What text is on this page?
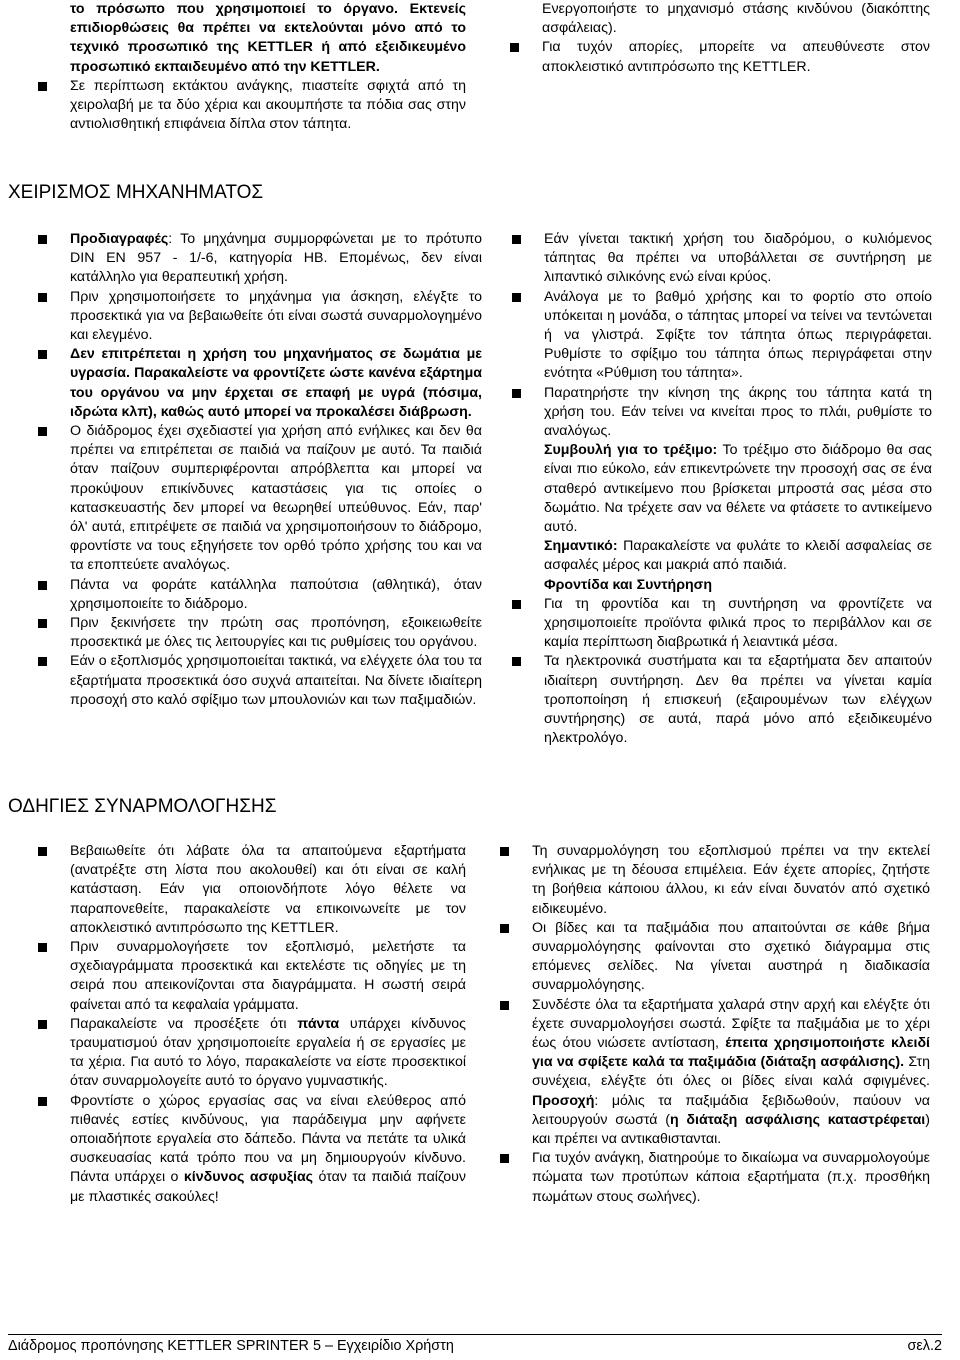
το πρόσωπο που χρησιμοποιεί το όργανο. Εκτενείς επιδιορθώσεις θα πρέπει να εκτελούνται μόνο από το τεχνικό προσωπικό της KETTLER ή από εξειδικευμένο προσωπικό εκπαιδευμένο από την KETTLER.

Σε περίπτωση εκτάκτου ανάγκης, πιαστείτε σφιχτά από τη χειρολαβή με τα δύο χέρια και ακουμπήστε τα πόδια σας στην αντιολισθητική επιφάνεια δίπλα στον τάπητα.

Ενεργοποιήστε το μηχανισμό στάσης κινδύνου (διακόπτης ασφάλειας).

Για τυχόν απορίες, μπορείτε να απευθύνεστε στον αποκλειστικό αντιπρόσωπο της KETTLER.

ΧΕΙΡΙΣΜΟΣ ΜΗΧΑΝΗΜΑΤΟΣ

Προδιαγραφές: Το μηχάνημα συμμορφώνεται με το πρότυπο DIN EN 957 - 1/-6, κατηγορία HB. Επομένως, δεν είναι κατάλληλο για θεραπευτική χρήση.

Πριν χρησιμοποιήσετε το μηχάνημα για άσκηση, ελέγξτε το προσεκτικά για να βεβαιωθείτε ότι είναι σωστά συναρμολογημένο και ελεγμένο.

Δεν επιτρέπεται η χρήση του μηχανήματος σε δωμάτια με υγρασία. Παρακαλείστε να φροντίζετε ώστε κανένα εξάρτημα του οργάνου να μην έρχεται σε επαφή με υγρά (πόσιμα, ιδρώτα κλπ), καθώς αυτό μπορεί να προκαλέσει διάβρωση.

Ο διάδρομος έχει σχεδιαστεί για χρήση από ενήλικες και δεν θα πρέπει να επιτρέπεται σε παιδιά να παίζουν με αυτό. Τα παιδιά όταν παίζουν συμπεριφέρονται απρόβλεπτα και μπορεί να προκύψουν επικίνδυνες καταστάσεις για τις οποίες ο κατασκευαστής δεν μπορεί να θεωρηθεί υπεύθυνος. Εάν, παρ' όλ' αυτά, επιτρέψετε σε παιδιά να χρησιμοποιήσουν το διάδρομο, φροντίστε να τους εξηγήσετε τον ορθό τρόπο χρήσης του και να τα εποπτεύετε αναλόγως.

Πάντα να φοράτε κατάλληλα παπούτσια (αθλητικά), όταν χρησιμοποιείτε το διάδρομο.

Πριν ξεκινήσετε την πρώτη σας προπόνηση, εξοικειωθείτε προσεκτικά με όλες τις λειτουργίες και τις ρυθμίσεις του οργάνου.

Εάν ο εξοπλισμός χρησιμοποιείται τακτικά, να ελέγχετε όλα του τα εξαρτήματα προσεκτικά όσο συχνά απαιτείται. Να δίνετε ιδιαίτερη προσοχή στο καλό σφίξιμο των μπουλονιών και των παξιμαδιών.

Εάν γίνεται τακτική χρήση του διαδρόμου, ο κυλιόμενος τάπητας θα πρέπει να υποβάλλεται σε συντήρηση με λιπαντικό σιλικόνης ενώ είναι κρύος.

Ανάλογα με το βαθμό χρήσης και το φορτίο στο οποίο υπόκειται η μονάδα, ο τάπητας μπορεί να τείνει να τεντώνεται ή να γλιστρά. Σφίξτε τον τάπητα όπως περιγράφεται. Ρυθμίστε το σφίξιμο του τάπητα όπως περιγράφεται στην ενότητα «Ρύθμιση του τάπητα».

Παρατηρήστε την κίνηση της άκρης του τάπητα κατά τη χρήση του. Εάν τείνει να κινείται προς το πλάι, ρυθμίστε το αναλόγως.

Συμβουλή για το τρέξιμο: Το τρέξιμο στο διάδρομο θα σας είναι πιο εύκολο, εάν επικεντρώνετε την προσοχή σας σε ένα σταθερό αντικείμενο που βρίσκεται μπροστά σας μέσα στο δωμάτιο. Να τρέχετε σαν να θέλετε να φτάσετε το αντικείμενο αυτό.

Σημαντικό: Παρακαλείστε να φυλάτε το κλειδί ασφαλείας σε ασφαλές μέρος και μακριά από παιδιά.

Φροντίδα και Συντήρηση

Για τη φροντίδα και τη συντήρηση να φροντίζετε να χρησιμοποιείτε προϊόντα φιλικά προς το περιβάλλον και σε καμία περίπτωση διαβρωτικά ή λειαντικά μέσα.

Τα ηλεκτρονικά συστήματα και τα εξαρτήματα δεν απαιτούν ιδιαίτερη συντήρηση. Δεν θα πρέπει να γίνεται καμία τροποποίηση ή επισκευή (εξαιρουμένων των ελέγχων συντήρησης) σε αυτά, παρά μόνο από εξειδικευμένο ηλεκτρολόγο.

ΟΔΗΓΙΕΣ ΣΥΝΑΡΜΟΛΟΓΗΣΗΣ

Βεβαιωθείτε ότι λάβατε όλα τα απαιτούμενα εξαρτήματα (ανατρέξτε στη λίστα που ακολουθεί) και ότι είναι σε καλή κατάσταση. Εάν για οποιονδήποτε λόγο θέλετε να παραπονεθείτε, παρακαλείστε να επικοινωνείτε με τον αποκλειστικό αντιπρόσωπο της KETTLER.

Πριν συναρμολογήσετε τον εξοπλισμό, μελετήστε τα σχεδιαγράμματα προσεκτικά και εκτελέστε τις οδηγίες με τη σειρά που απεικονίζονται στα διαγράμματα. Η σωστή σειρά φαίνεται από τα κεφαλαία γράμματα.

Παρακαλείστε να προσέξετε ότι πάντα υπάρχει κίνδυνος τραυματισμού όταν χρησιμοποιείτε εργαλεία ή σε εργασίες με τα χέρια. Για αυτό το λόγο, παρακαλείστε να είστε προσεκτικοί όταν συναρμολογείτε αυτό το όργανο γυμναστικής.

Φροντίστε ο χώρος εργασίας σας να είναι ελεύθερος από πιθανές εστίες κινδύνους, για παράδειγμα μην αφήνετε οποιαδήποτε εργαλεία στο δάπεδο. Πάντα να πετάτε τα υλικά συσκευασίας κατά τρόπο που να μη δημιουργούν κίνδυνο. Πάντα υπάρχει ο κίνδυνος ασφυξίας όταν τα παιδιά παίζουν με πλαστικές σακούλες!

Τη συναρμολόγηση του εξοπλισμού πρέπει να την εκτελεί ενήλικας με τη δέουσα επιμέλεια. Εάν έχετε απορίες, ζητήστε τη βοήθεια κάποιου άλλου, κι εάν είναι δυνατόν από σχετικό ειδικευμένο.

Οι βίδες και τα παξιμάδια που απαιτούνται σε κάθε βήμα συναρμολόγησης φαίνονται στο σχετικό διάγραμμα στις επόμενες σελίδες. Να γίνεται αυστηρά η διαδικασία συναρμολόγησης.

Συνδέστε όλα τα εξαρτήματα χαλαρά στην αρχή και ελέγξτε ότι έχετε συναρμολογήσει σωστά. Σφίξτε τα παξιμάδια με το χέρι έως ότου νιώσετε αντίσταση, έπειτα χρησιμοποιήστε κλειδί για να σφίξετε καλά τα παξιμάδια (διάταξη ασφάλισης). Στη συνέχεια, ελέγξτε ότι όλες οι βίδες είναι καλά σφιγμένες. Προσοχή: μόλις τα παξιμάδια ξεβιδωθούν, παύουν να λειτουργούν σωστά (η διάταξη ασφάλισης καταστρέφεται) και πρέπει να αντικαθιστανται.

Για τυχόν ανάγκη, διατηρούμε το δικαίωμα να συναρμολογούμε πώματα των προτύπων κάποια εξαρτήματα (π.χ. προσθήκη πωμάτων στους σωλήνες).

Διάδρομος προπόνησης KETTLER SPRINTER 5 – Εγχειρίδιο Χρήστη	σελ.2
